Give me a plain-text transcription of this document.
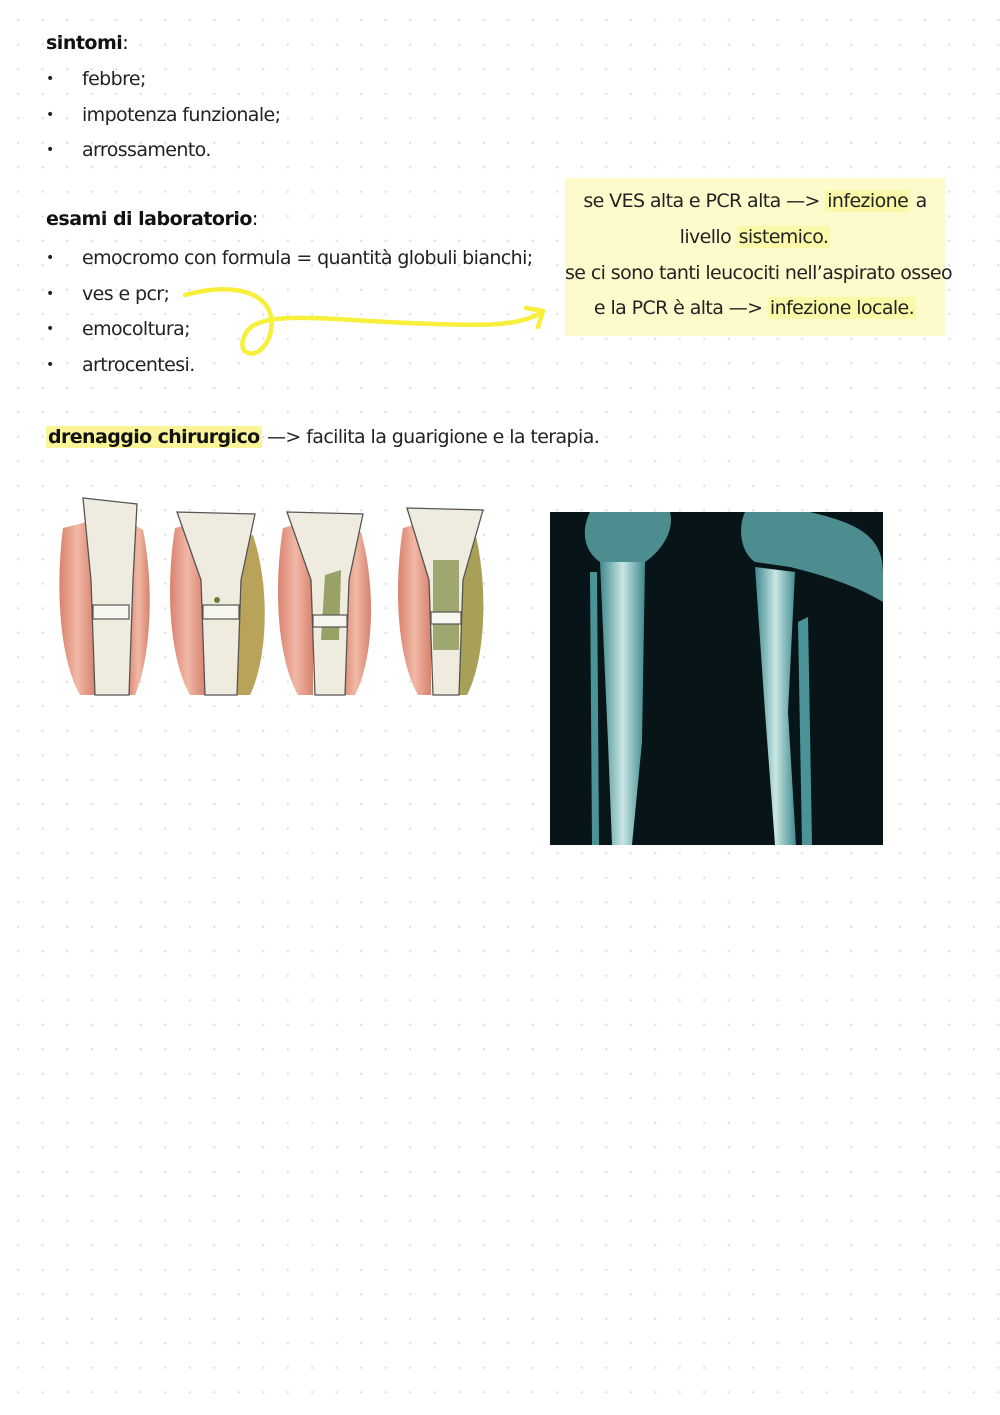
sintomi:
• febbre;
• impotenza funzionale;
• arrossamento.
esami di laboratorio:
• emocromo con formula = quantità globuli bianchi;
• ves e pcr;
• emocoltura;
• artrocentesi.
se VES alta e PCR alta —> infezione a
livello sistemico.
se ci sono tanti leucociti nell’aspirato osseo
e la PCR è alta —> infezione locale.
drenaggio chirurgico —> facilita la guarigione e la terapia.
